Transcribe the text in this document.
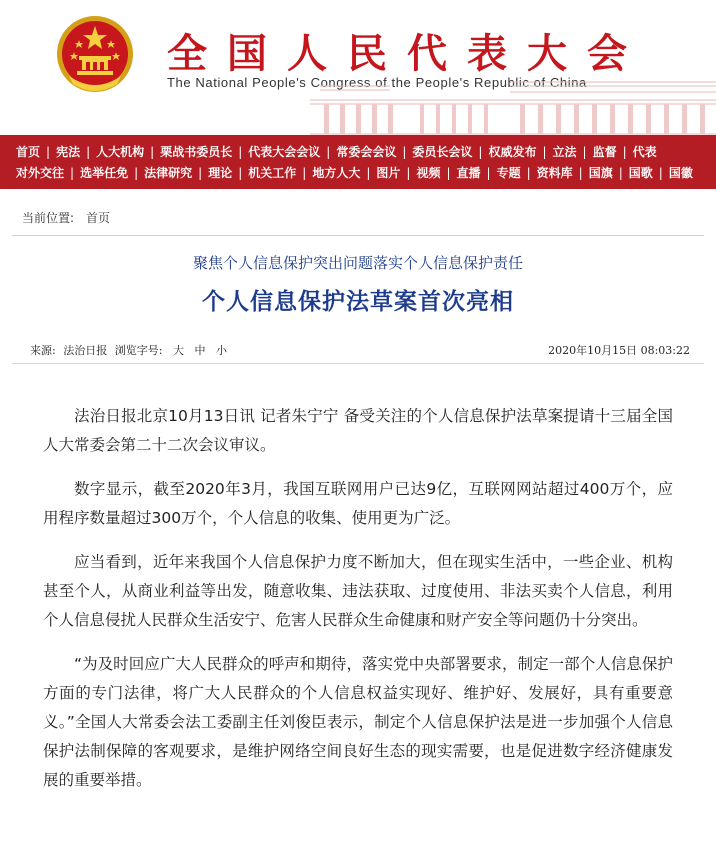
全国人民代表大会
The National People's Congress of the People's Republic of China
首页 | 宪法 | 人大机构 | 栗战书委员长 | 代表大会会议 | 常委会会议 | 委员长会议 | 权威发布 | 立法 | 监督 | 代表
对外交往 | 选举任免 | 法律研究 | 理论 | 机关工作 | 地方人大 | 图片 | 视频 | 直播 | 专题 | 资料库 | 国旗 | 国歌 | 国徽
当前位置: 首页
聚焦个人信息保护突出问题落实个人信息保护责任
个人信息保护法草案首次亮相
来源: 法治日报 浏览字号: 大 中 小	2020年10月15日 08:03:22

法治日报北京10月13日讯 记者朱宁宁 备受关注的个人信息保护法草案提请十三届全国人大常委会第二十二次会议审议。

数字显示，截至2020年3月，我国互联网用户已达9亿，互联网网站超过400万个，应用程序数量超过300万个，个人信息的收集、使用更为广泛。

应当看到，近年来我国个人信息保护力度不断加大，但在现实生活中，一些企业、机构甚至个人，从商业利益等出发，随意收集、违法获取、过度使用、非法买卖个人信息，利用个人信息侵扰人民群众生活安宁、危害人民群众生命健康和财产安全等问题仍十分突出。

“为及时回应广大人民群众的呼声和期待，落实党中央部署要求，制定一部个人信息保护方面的专门法律，将广大人民群众的个人信息权益实现好、维护好、发展好，具有重要意义。”全国人大常委会法工委副主任刘俊臣表示，制定个人信息保护法是进一步加强个人信息保护法制保障的客观要求，是维护网络空间良好生态的现实需要，也是促进数字经济健康发展的重要举措。
